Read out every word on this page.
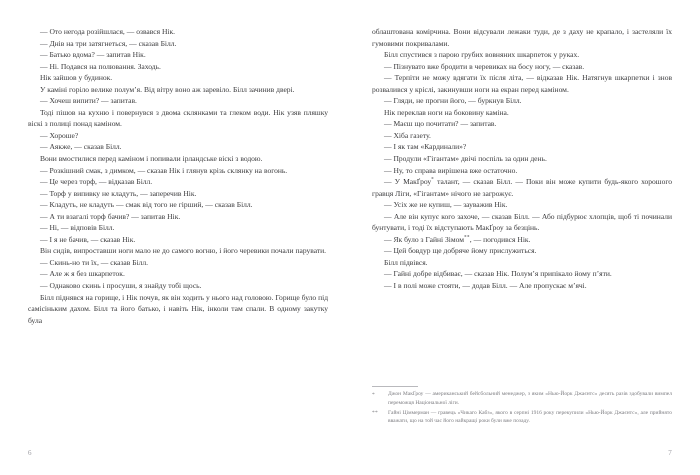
— Ото негода розійшлася, — озвався Нік.

— Днів на три затягнеться, — сказав Білл.

— Батько вдома? — запитав Нік.

— Ні. Подався на полювання. Заходь.

Нік зайшов у будинок.

У каміні горіло велике полум’я. Від вітру воно аж заревіло. Білл зачинив двері.

— Хочеш випити? — запитав.

Тоді пішов на кухню і повернувся з двома склянками та глеком води. Нік узяв пляшку віскі з полиці понад каміном.

— Хороше?

— Аякже, — сказав Білл.

Вони вмостилися перед каміном і попивали ірландське віскі з водою.

— Розкішний смак, з димком, — сказав Нік і глянув крізь склянку на вогонь.

— Це через торф, — відказав Білл.

— Торф у випивку не кладуть, — заперечив Нік.

— Кладуть, не кладуть — смак від того не гірший, — сказав Білл.

— А ти взагалі торф бачив? — запитав Нік.

— Ні, — відповів Білл.

— І я не бачив, — сказав Нік.

Він сидів, випроставши ноги мало не до самого вогню, і його черевики почали парувати.

— Скинь-но ти їх, — сказав Білл.

— Але ж я без шкарпеток.

— Однаково скинь і просуши, я знайду тобі щось.

Білл піднявся на горище, і Нік почув, як він ходить у нього над головою. Горище було під самісіньким дахом. Білл та його батько, і навіть Нік, інколи там спали. В одному закутку була

6

облаштована комірчина. Вони відсували лежаки туди, де з даху не крапало, і застеляли їх гумовими покривалами.

Білл спустився з парою грубих вовняних шкарпеток у руках.

— Пізнувато вже бродити в черевиках на босу ногу, — сказав.

— Терпіти не можу вдягати їх після літа, — відказав Нік. Натягнув шкарпетки і знов розвалився у кріслі, закинувши ноги на екран перед каміном.

— Гляди, не прогни його, — буркнув Білл.

Нік переклав ноги на боковину каміна.

— Маєш що почитати? — запитав.

— Хіба газету.

— І як там «Кардинали»?

— Продули «Гігантам» двічі поспіль за один день.

— Ну, то справа вирішена вже остаточно.

— У МакҐроу* талант, — сказав Білл. — Поки він може купити будь-якого хорошого гравця Ліги, «Гігантам» нічого не загрожує.

— Усіх же не купиш, — зауважив Нік.

— Але він купує кого захоче, — сказав Білл. — Або підбурює хлопців, щоб ті починали бунтувати, і тоді їх відступають МакҐроу за безцінь.

— Як було з Гайні Зімом**, — погодився Нік.

— Цей бовдур ще добряче йому прислужиться.

Білл підвівся.

— Гайні добре відбиває, — сказав Нік. Полум’я припікало йому п’яти.

— І в полі може стояти, — додав Білл. — Але пропускає м’ячі.

* Джон МакҐроу — американський бейсбольний менеджер, з яким «Нью-Йорк Джаєнтс» десять разів здобували вимпел переможця Національної ліги.
** Гайні Ціммерман — гравець «Чикаго Кабз», якого в серпні 1916 року перекупили «Нью-Йорк Джаєнтс», але прийнято вважати, що на той час його найкращі роки були вже позаду.
7
